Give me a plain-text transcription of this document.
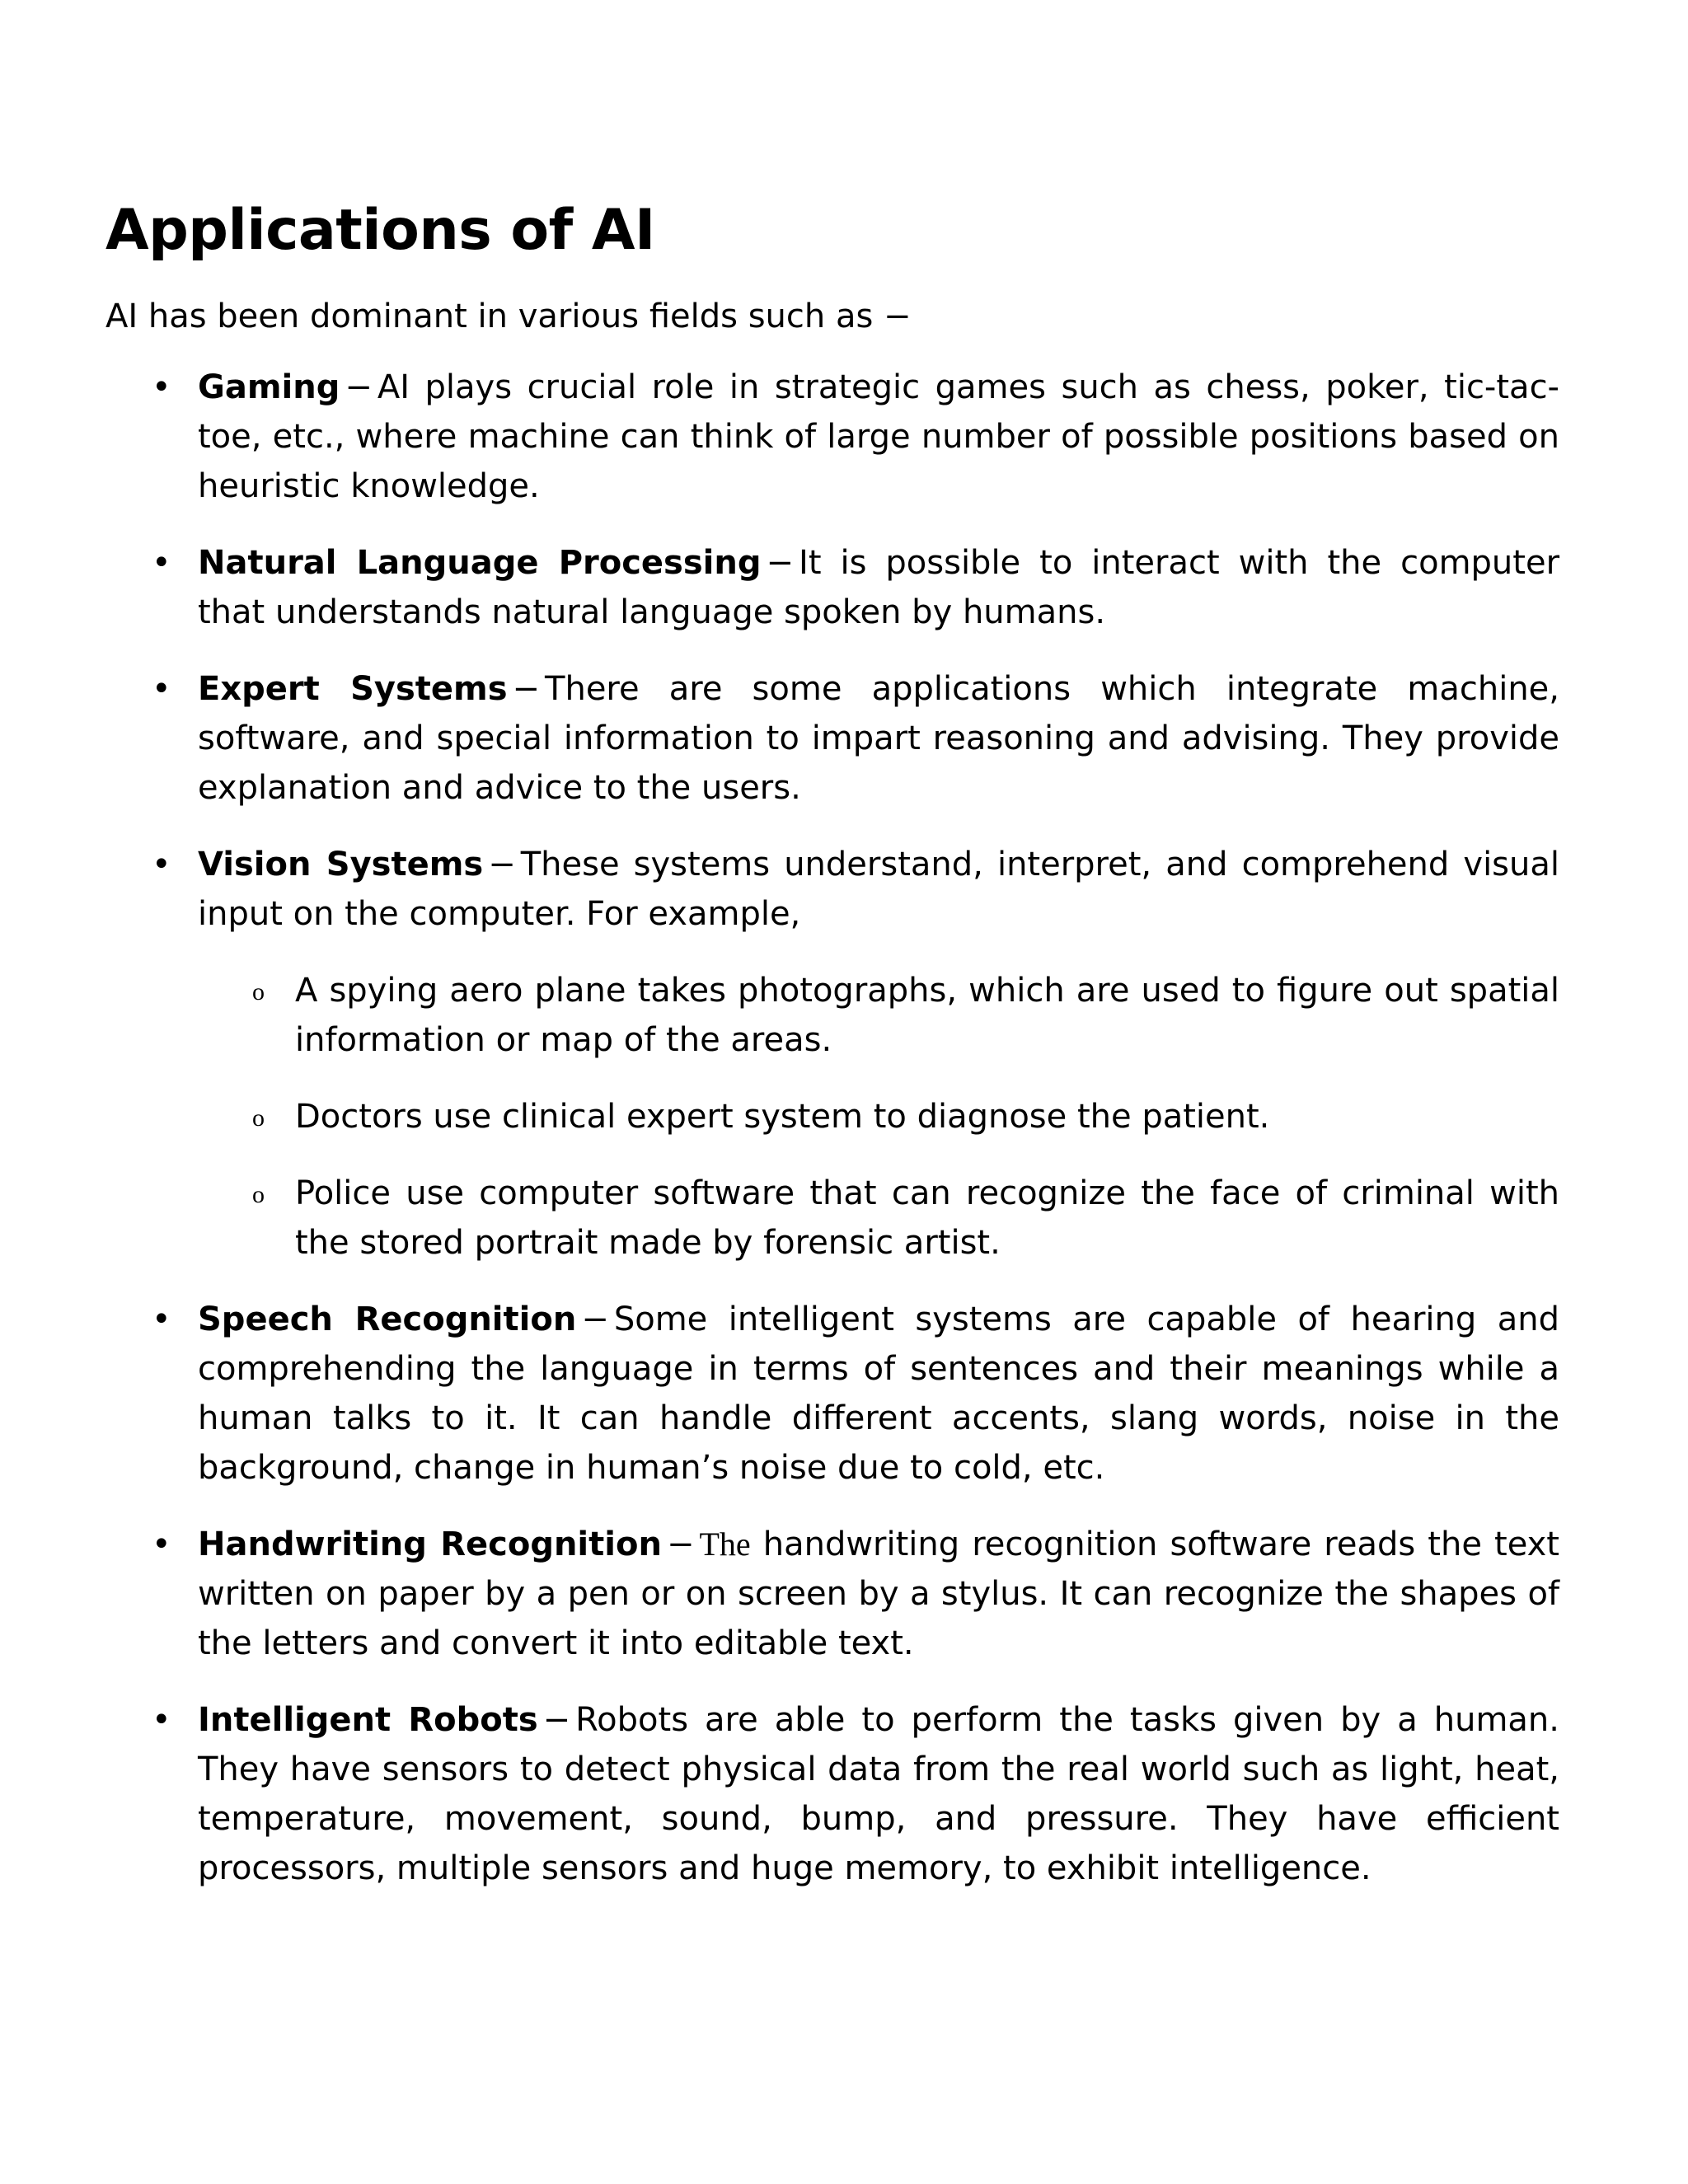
Applications of AI

AI has been dominant in various fields such as −

• Gaming − AI plays crucial role in strategic games such as chess, poker, tic-tac-toe, etc., where machine can think of large number of possible positions based on heuristic knowledge.
• Natural Language Processing − It is possible to interact with the computer that understands natural language spoken by humans.
• Expert Systems − There are some applications which integrate machine, software, and special information to impart reasoning and advising. They provide explanation and advice to the users.
• Vision Systems − These systems understand, interpret, and comprehend visual input on the computer. For example,
o A spying aero plane takes photographs, which are used to figure out spatial information or map of the areas.
o Doctors use clinical expert system to diagnose the patient.
o Police use computer software that can recognize the face of criminal with the stored portrait made by forensic artist.
• Speech Recognition − Some intelligent systems are capable of hearing and comprehending the language in terms of sentences and their meanings while a human talks to it. It can handle different accents, slang words, noise in the background, change in human’s noise due to cold, etc.
• Handwriting Recognition − The handwriting recognition software reads the text written on paper by a pen or on screen by a stylus. It can recognize the shapes of the letters and convert it into editable text.
• Intelligent Robots − Robots are able to perform the tasks given by a human. They have sensors to detect physical data from the real world such as light, heat, temperature, movement, sound, bump, and pressure. They have efficient processors, multiple sensors and huge memory, to exhibit intelligence.
